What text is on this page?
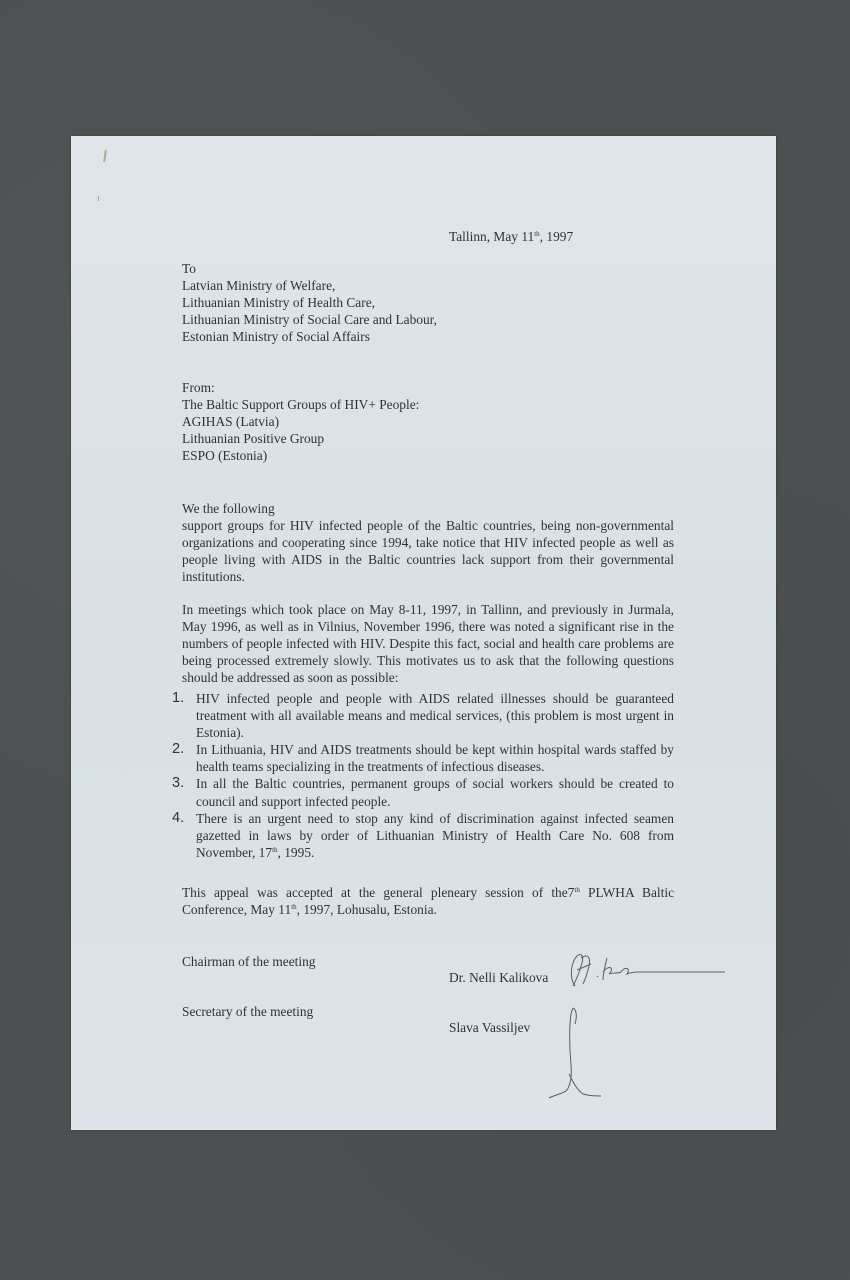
Tallinn, May 11th, 1997
To
Latvian Ministry of Welfare,
Lithuanian Ministry of Health Care,
Lithuanian Ministry of Social Care and Labour,
Estonian Ministry of Social Affairs
From:
The Baltic Support Groups of HIV+ People:
AGIHAS (Latvia)
Lithuanian Positive Group
ESPO (Estonia)
We the following
support groups for HIV infected people of the Baltic countries, being non-governmental organizations and cooperating since 1994, take notice that HIV infected people as well as people living with AIDS in the Baltic countries lack support from their governmental institutions.
In meetings which took place on May 8-11, 1997, in Tallinn, and previously in Jurmala, May 1996, as well as in Vilnius, November 1996, there was noted a significant rise in the numbers of people infected with HIV. Despite this fact, social and health care problems are being processed extremely slowly. This motivates us to ask that the following questions should be addressed as soon as possible:
1. HIV infected people and people with AIDS related illnesses should be guaranteed treatment with all available means and medical services, (this problem is most urgent in Estonia).
2. In Lithuania, HIV and AIDS treatments should be kept within hospital wards staffed by health teams specializing in the treatments of infectious diseases.
3. In all the Baltic countries, permanent groups of social workers should be created to council and support infected people.
4. There is an urgent need to stop any kind of discrimination against infected seamen gazetted in laws by order of Lithuanian Ministry of Health Care No. 608 from November, 17th, 1995.
This appeal was accepted at the general pleneary session of the7th PLWHA Baltic Conference, May 11th, 1997, Lohusalu, Estonia.
Chairman of the meeting
Dr. Nelli Kalikova
Secretary of the meeting
Slava Vassiljev
